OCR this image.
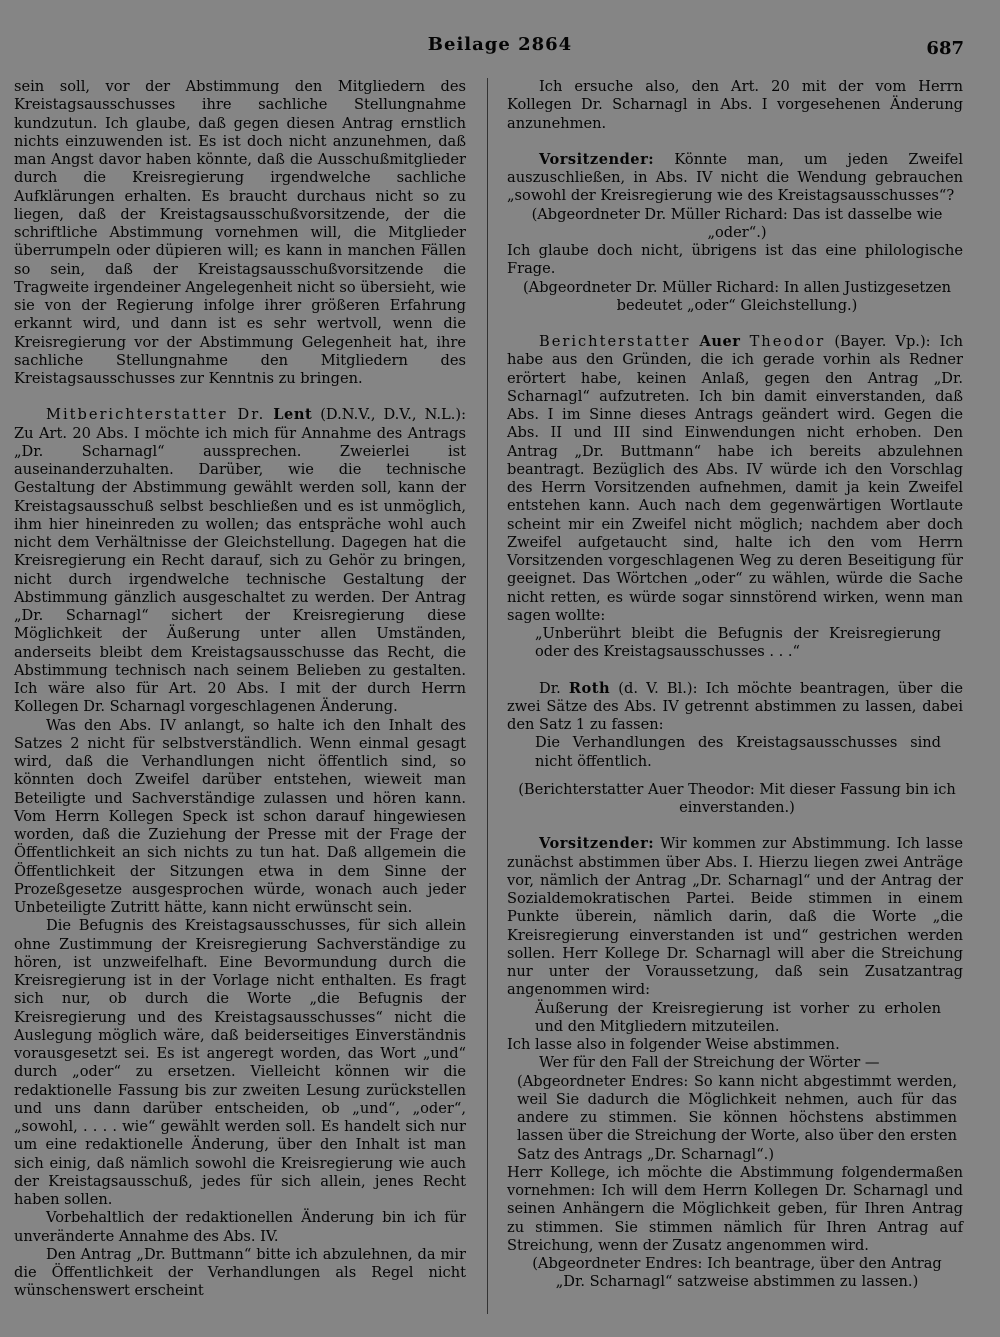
Beilage 2864	687

sein soll, vor der Abstimmung den Mitgliedern des Kreistagsausschusses ihre sachliche Stellungnahme kundzutun. Ich glaube, daß gegen diesen Antrag ernstlich nichts einzuwenden ist. Es ist doch nicht anzunehmen, daß man Angst davor haben könnte, daß die Ausschußmitglieder durch die Kreisregierung irgendwelche sachliche Aufklärungen erhalten. Es braucht durchaus nicht so zu liegen, daß der Kreistagsausschußvorsitzende, der die schriftliche Abstimmung vornehmen will, die Mitglieder überrumpeln oder düpieren will; es kann in manchen Fällen so sein, daß der Kreistagsausschußvorsitzende die Tragweite irgendeiner Angelegenheit nicht so übersieht, wie sie von der Regierung infolge ihrer größeren Erfahrung erkannt wird, und dann ist es sehr wertvoll, wenn die Kreisregierung vor der Abstimmung Gelegenheit hat, ihre sachliche Stellungnahme den Mitgliedern des Kreistagsausschusses zur Kenntnis zu bringen.

Mitberichterstatter Dr. Lent (D.N.V., D.V., N.L.): Zu Art. 20 Abs. I möchte ich mich für Annahme des Antrags „Dr. Scharnagl“ aussprechen. Zweierlei ist auseinanderzuhalten. Darüber, wie die technische Gestaltung der Abstimmung gewählt werden soll, kann der Kreistagsausschuß selbst beschließen und es ist unmöglich, ihm hier hineinreden zu wollen; das entspräche wohl auch nicht dem Verhältnisse der Gleichstellung. Dagegen hat die Kreisregierung ein Recht darauf, sich zu Gehör zu bringen, nicht durch irgendwelche technische Gestaltung der Abstimmung gänzlich ausgeschaltet zu werden. Der Antrag „Dr. Scharnagl“ sichert der Kreisregierung diese Möglichkeit der Äußerung unter allen Umständen, anderseits bleibt dem Kreistagsausschusse das Recht, die Abstimmung technisch nach seinem Belieben zu gestalten. Ich wäre also für Art. 20 Abs. I mit der durch Herrn Kollegen Dr. Scharnagl vorgeschlagenen Änderung.

Was den Abs. IV anlangt, so halte ich den Inhalt des Satzes 2 nicht für selbstverständlich. Wenn einmal gesagt wird, daß die Verhandlungen nicht öffentlich sind, so könnten doch Zweifel darüber entstehen, wieweit man Beteiligte und Sachverständige zulassen und hören kann. Vom Herrn Kollegen Speck ist schon darauf hingewiesen worden, daß die Zuziehung der Presse mit der Frage der Öffentlichkeit an sich nichts zu tun hat. Daß allgemein die Öffentlichkeit der Sitzungen etwa in dem Sinne der Prozeßgesetze ausgesprochen würde, wonach auch jeder Unbeteiligte Zutritt hätte, kann nicht erwünscht sein.

Die Befugnis des Kreistagsausschusses, für sich allein ohne Zustimmung der Kreisregierung Sachverständige zu hören, ist unzweifelhaft. Eine Bevormundung durch die Kreisregierung ist in der Vorlage nicht enthalten. Es fragt sich nur, ob durch die Worte „die Befugnis der Kreisregierung und des Kreistagsausschusses“ nicht die Auslegung möglich wäre, daß beiderseitiges Einverständnis vorausgesetzt sei. Es ist angeregt worden, das Wort „und“ durch „oder“ zu ersetzen. Vielleicht können wir die redaktionelle Fassung bis zur zweiten Lesung zurückstellen und uns dann darüber entscheiden, ob „und“, „oder“, „sowohl, . . . . wie“ gewählt werden soll. Es handelt sich nur um eine redaktionelle Änderung, über den Inhalt ist man sich einig, daß nämlich sowohl die Kreisregierung wie auch der Kreistagsausschuß, jedes für sich allein, jenes Recht haben sollen.

Vorbehaltlich der redaktionellen Änderung bin ich für unveränderte Annahme des Abs. IV.

Den Antrag „Dr. Buttmann“ bitte ich abzulehnen, da mir die Öffentlichkeit der Verhandlungen als Regel nicht wünschenswert erscheint

Ich ersuche also, den Art. 20 mit der vom Herrn Kollegen Dr. Scharnagl in Abs. I vorgesehenen Änderung anzunehmen.

Vorsitzender: Könnte man, um jeden Zweifel auszuschließen, in Abs. IV nicht die Wendung gebrauchen „sowohl der Kreisregierung wie des Kreistagsausschusses“?

(Abgeordneter Dr. Müller Richard: Das ist dasselbe wie „oder“.)

Ich glaube doch nicht, übrigens ist das eine philologische Frage.

(Abgeordneter Dr. Müller Richard: In allen Justizgesetzen bedeutet „oder“ Gleichstellung.)

Berichterstatter Auer Theodor (Bayer. Vp.): Ich habe aus den Gründen, die ich gerade vorhin als Redner erörtert habe, keinen Anlaß, gegen den Antrag „Dr. Scharnagl“ aufzutreten. Ich bin damit einverstanden, daß Abs. I im Sinne dieses Antrags geändert wird. Gegen die Abs. II und III sind Einwendungen nicht erhoben. Den Antrag „Dr. Buttmann“ habe ich bereits abzulehnen beantragt. Bezüglich des Abs. IV würde ich den Vorschlag des Herrn Vorsitzenden aufnehmen, damit ja kein Zweifel entstehen kann. Auch nach dem gegenwärtigen Wortlaute scheint mir ein Zweifel nicht möglich; nachdem aber doch Zweifel aufgetaucht sind, halte ich den vom Herrn Vorsitzenden vorgeschlagenen Weg zu deren Beseitigung für geeignet. Das Wörtchen „oder“ zu wählen, würde die Sache nicht retten, es würde sogar sinnstörend wirken, wenn man sagen wollte:

„Unberührt bleibt die Befugnis der Kreisregierung oder des Kreistagsausschusses . . .“

Dr. Roth (d. V. Bl.): Ich möchte beantragen, über die zwei Sätze des Abs. IV getrennt abstimmen zu lassen, dabei den Satz 1 zu fassen:

Die Verhandlungen des Kreistagsausschusses sind nicht öffentlich.

(Berichterstatter Auer Theodor: Mit dieser Fassung bin ich einverstanden.)

Vorsitzender: Wir kommen zur Abstimmung. Ich lasse zunächst abstimmen über Abs. I. Hierzu liegen zwei Anträge vor, nämlich der Antrag „Dr. Scharnagl“ und der Antrag der Sozialdemokratischen Partei. Beide stimmen in einem Punkte überein, nämlich darin, daß die Worte „die Kreisregierung einverstanden ist und“ gestrichen werden sollen. Herr Kollege Dr. Scharnagl will aber die Streichung nur unter der Voraussetzung, daß sein Zusatzantrag angenommen wird:

Äußerung der Kreisregierung ist vorher zu erholen und den Mitgliedern mitzuteilen.

Ich lasse also in folgender Weise abstimmen.

Wer für den Fall der Streichung der Wörter —

(Abgeordneter Endres: So kann nicht abgestimmt werden, weil Sie dadurch die Möglichkeit nehmen, auch für das andere zu stimmen. Sie können höchstens abstimmen lassen über die Streichung der Worte, also über den ersten Satz des Antrags „Dr. Scharnagl“.)

Herr Kollege, ich möchte die Abstimmung folgendermaßen vornehmen: Ich will dem Herrn Kollegen Dr. Scharnagl und seinen Anhängern die Möglichkeit geben, für Ihren Antrag zu stimmen. Sie stimmen nämlich für Ihren Antrag auf Streichung, wenn der Zusatz angenommen wird.

(Abgeordneter Endres: Ich beantrage, über den Antrag „Dr. Scharnagl“ satzweise abstimmen zu lassen.)
